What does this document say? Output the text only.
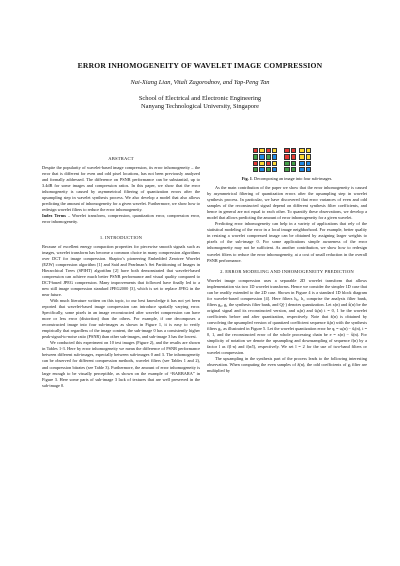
ERROR INHOMOGENEITY OF WAVELET IMAGE COMPRESSION
Nai-Xiang Lian, Vitali Zagorodnov, and Yap-Peng Tan
School of Electrical and Electronic Engineering
Nanyang Technological University, Singapore
ABSTRACT

Despite the popularity of wavelet-based image compression, its error inhomogeneity – the error that is different for even and odd pixel locations, has not been previously analyzed and formally addressed. The difference on PSNR performance can be substantial, up to 3.4dB for some images and compression ratios. In this paper, we show that the error inhomogeneity is caused by asymmetrical filtering of quantization errors after the upsampling step in wavelet synthesis process. We also develop a model that also allows predicting the amount of inhomogeneity for a given wavelet. Furthermore, we show how to redesign wavelet filters to reduce the error inhomogeneity.

Index Terms – Wavelet transform, compression, quantization error, compression error, error inhomogeneity.

1. INTRODUCTION

Because of excellent energy compaction properties for piecewise smooth signals such as images, wavelet transform has become a common choice in many compression algorithms over DCT for image compression. Shapiro’s pioneering Embedded Zerotree Wavelet (EZW) compression algorithm [1] and Said and Pearlman’s Set Partitioning of Images in Hierarchical Trees (SPIHT) algorithm [2] have both demonstrated that wavelet-based compression can achieve much better PSNR performance and visual quality compared to DCT-based JPEG compression. Many improvements that followed have finally led to a new still image compression standard JPEG2000 [3], which is set to replace JPEG in the near future.

With much literature written on this topic, to our best knowledge it has not yet been reported that wavelet-based image compression can introduce spatially varying error. Specifically, some pixels in an image reconstructed after wavelet compression can have more or less error (distortion) than the others. For example, if one decomposes a reconstructed image into four sub-images as shown in Figure 1, it is easy to verify empirically that regardless of the image content, the sub-image 0 has a consistently higher peak-signal-to-noise ratio (PSNR) than other sub-images, and sub-image 3 has the lowest.

We conducted this experiment on 10 test images (Figure 2), and the results are shown in Tables 1-3. Here by error inhomogeneity we mean the difference of PSNR performance between different sub-images, especially between sub-images 0 and 3. The inhomogeneity can be observed for different compression methods, wavelet filters (see Tables 1 and 2), and compression bitrates (see Table 3). Furthermore, the amount of error inhomogeneity is large enough to be visually perceptible, as shown on the example of “BARBARA” in Figure 3. Here some parts of sub-image 3 lack of textures that are well preserved in the sub-image 0.

Fig. 1. Decomposing an image into four sub-images.

As the main contribution of the paper we show that the error inhomogeneity is caused by asymmetrical filtering of quantization errors after the upsampling step in wavelet synthesis process. In particular, we have discovered that error variances of even and odd samples of the reconstructed signal depend on different synthesis filter coefficients, and hence in general are not equal to each other. To quantify these observations, we develop a model that allows predicting the amount of error inhomogeneity for a given wavelet.

Predicting error inhomogeneity can help in a variety of applications that rely of the statistical modeling of the error in a local image neighborhood. For example, better quality in resizing a wavelet compressed image can be obtained by assigning larger weights to pixels of the sub-image 0. For some applications simple awareness of the error inhomogeneity may not be sufficient. As another contribution, we show how to redesign wavelet filters to reduce the error inhomogeneity, at a cost of small reduction in the overall PSNR performance.

2. ERROR MODELING AND INHOMOGENEITY PREDICTION

Wavelet image compression uses a separable 2D wavelet transform that allows implementation via two 1D wavelet transforms. Hence we consider the simpler 1D case that can be readily extended to the 2D case. Shown in Figure 4 is a standard 1D block diagram for wavelet-based compression [4]. Here filters h₀, h₁ comprise the analysis filter bank, filters g₀, g₁ the synthesis filter bank, and Q(·) denotes quantization. Let x(n) and x̂(n) be the original signal and its reconstructed version, and uᵢ(n) and ûᵢ(n) i = 0, 1 be the wavelet coefficients before and after quantization, respectively. Note that ẑ(n) is obtained by convolving the upsampled version of quantized coefficient sequence ûᵢ(n) with the synthesis filters gᵢ, as illustrated in Figure 5. Let the wavelet quantization error be qᵢ = uᵢ(n) − ûᵢ(n), i = 0, 1, and the reconstructed error of the whole processing chain be e = x(n) − x̂(n). For simplicity of notation we denote the upsampling and downsampling of sequence f(n) by a factor l as f(l·n) and f(n/l), respectively. We set l = 2 for the use of two-band filters or wavelet compression.

The upsampling in the synthesis part of the process leads to the following interesting observation. When computing the even samples of ẑ(n), the odd coefficients of gᵢ filter are multiplied by
